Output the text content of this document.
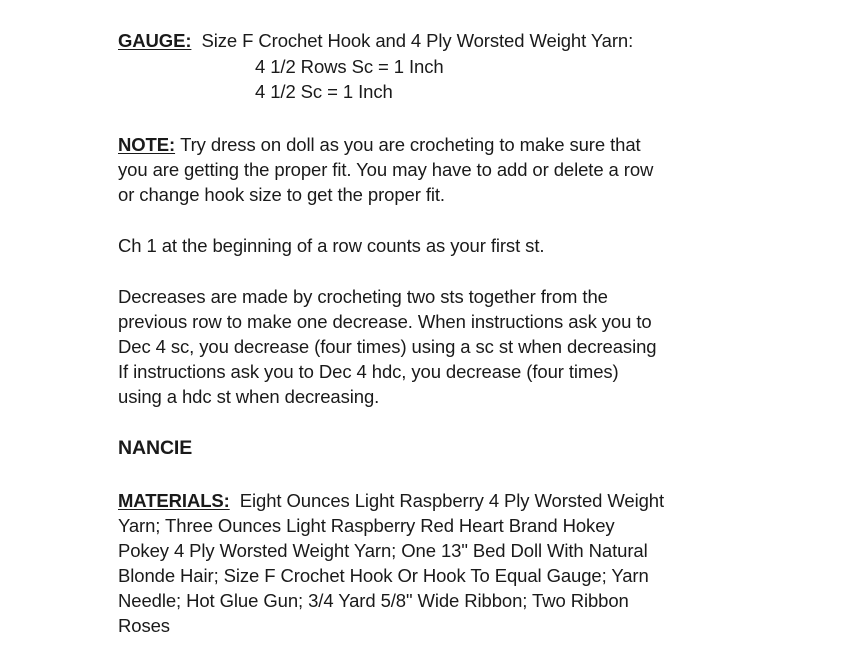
GAUGE: Size F Crochet Hook and 4 Ply Worsted Weight Yarn:
4 1/2 Rows Sc = 1 Inch
4 1/2 Sc = 1 Inch
NOTE: Try dress on doll as you are crocheting to make sure that
you are getting the proper fit. You may have to add or delete a row
or change hook size to get the proper fit.
Ch 1 at the beginning of a row counts as your first st.
Decreases are made by crocheting two sts together from the
previous row to make one decrease. When instructions ask you to
Dec 4 sc, you decrease (four times) using a sc st when decreasing
If instructions ask you to Dec 4 hdc, you decrease (four times)
using a hdc st when decreasing.
NANCIE
MATERIALS: Eight Ounces Light Raspberry 4 Ply Worsted Weight
Yarn; Three Ounces Light Raspberry Red Heart Brand Hokey
Pokey 4 Ply Worsted Weight Yarn; One 13" Bed Doll With Natural
Blonde Hair; Size F Crochet Hook Or Hook To Equal Gauge; Yarn
Needle; Hot Glue Gun; 3/4 Yard 5/8" Wide Ribbon; Two Ribbon
Roses
